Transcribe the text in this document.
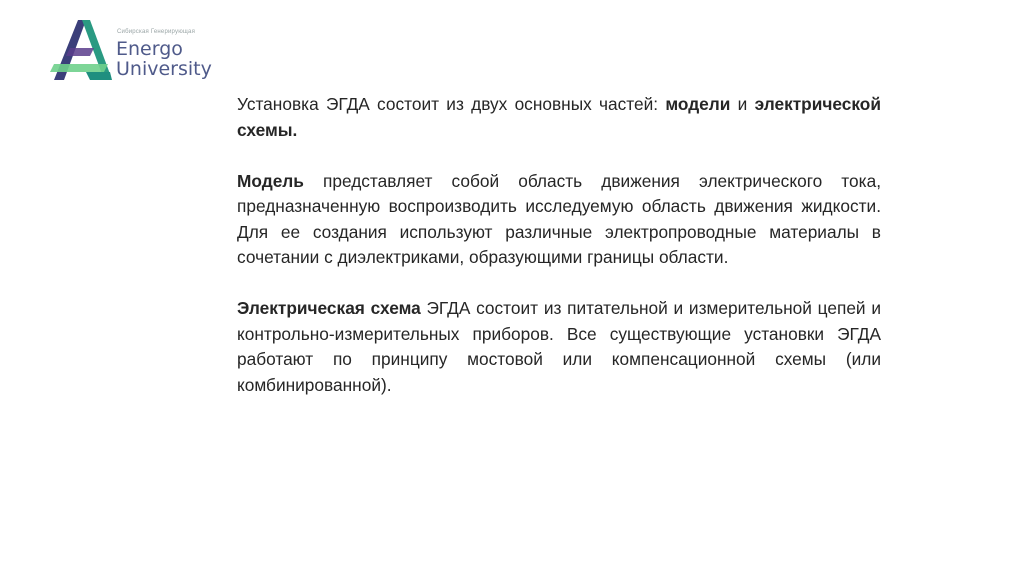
Сибирская Генерирующая
Energo
University

Установка ЭГДА состоит из двух основных частей: модели и электрической схемы.

Модель представляет собой область движения электрического тока, предназначенную воспроизводить исследуемую область движения жидкости. Для ее создания используют различные электропроводные материалы в сочетании с диэлектриками, образующими границы области.

Электрическая схема ЭГДА состоит из питательной и измерительной цепей и контрольно-измерительных приборов. Все существующие установки ЭГДА работают по принципу мостовой или компенсационной схемы (или комбинированной).
